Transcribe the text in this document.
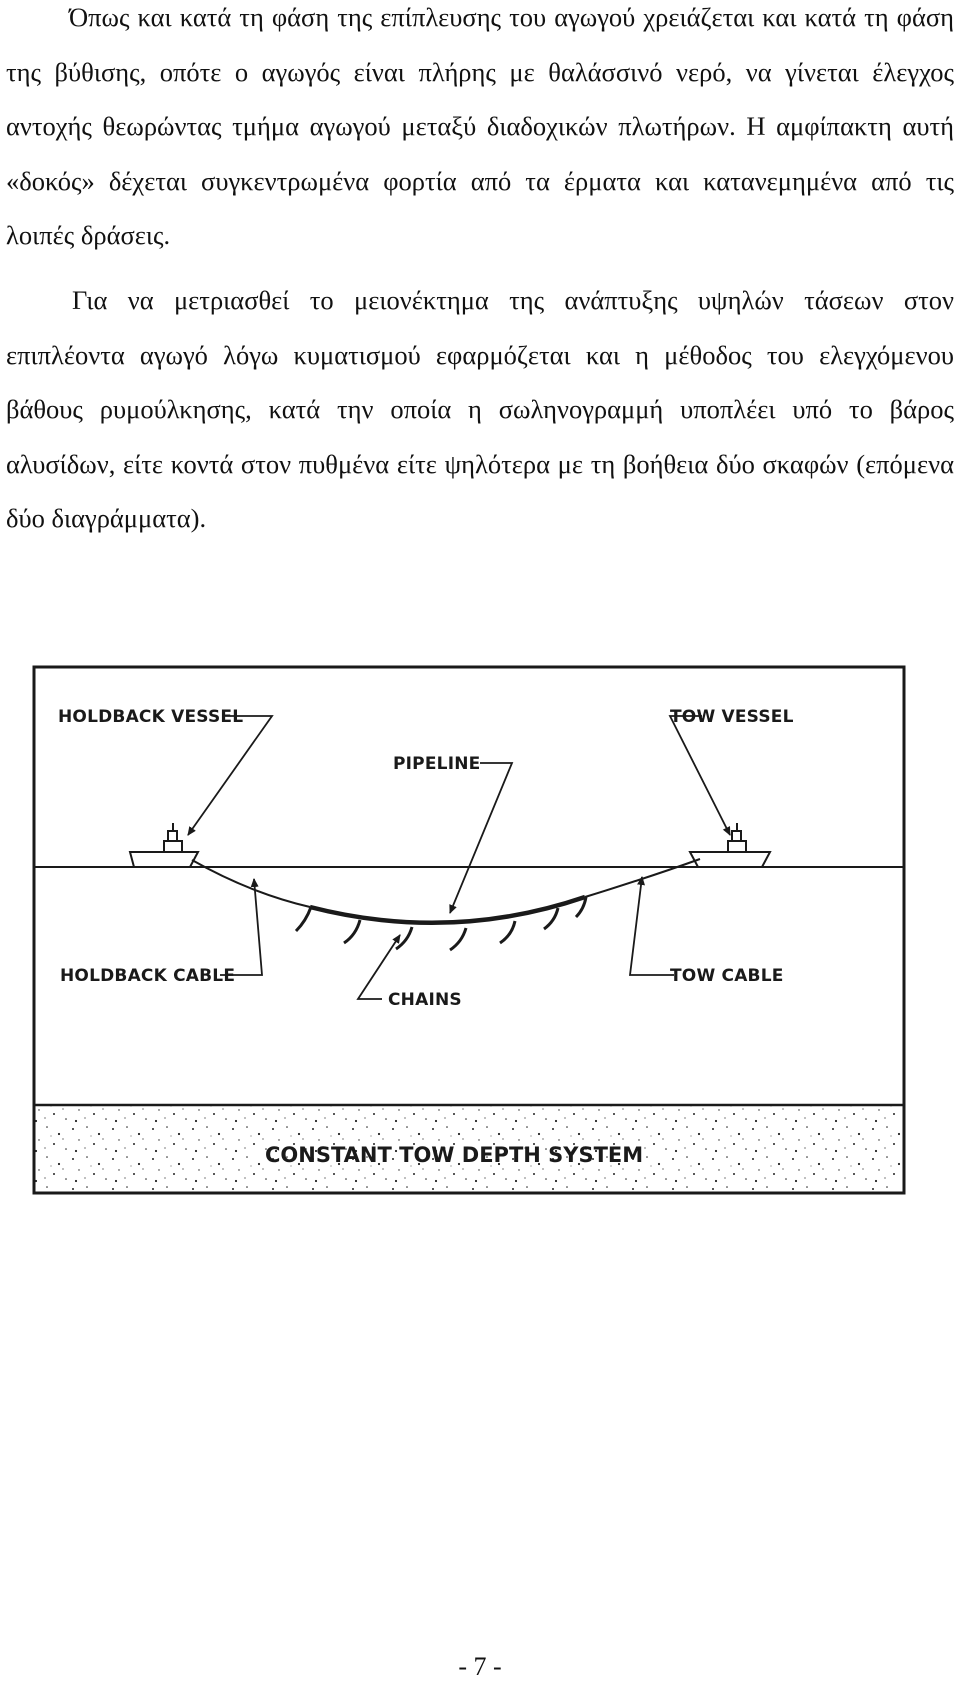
Όπως και κατά τη φάση της επίπλευσης του αγωγού χρειάζεται και κατά τη φάση της βύθισης, οπότε ο αγωγός είναι πλήρης με θαλάσσινό νερό, να γίνεται έλεγχος αντοχής θεωρώντας τμήμα αγωγού μεταξύ διαδοχικών πλωτήρων. Η αμφίπακτη αυτή «δοκός» δέχεται συγκεντρωμένα φορτία από τα έρματα και κατανεμημένα από τις λοιπές δράσεις.

Για να μετριασθεί το μειονέκτημα της ανάπτυξης υψηλών τάσεων στον επιπλέοντα αγωγό λόγω κυματισμού εφαρμόζεται και η μέθοδος του ελεγχόμενου βάθους ρυμούλκησης, κατά την οποία η σωληνογραμμή υποπλέει υπό το βάρος αλυσίδων, είτε κοντά στον πυθμένα είτε ψηλότερα με τη βοήθεια δύο σκαφών (επόμενα δύο διαγράμματα).

HOLDBACK VESSEL	TOW VESSEL
PIPELINE
HOLDBACK CABLE	TOW CABLE
CHAINS
CONSTANT TOW DEPTH SYSTEM
- 7 -
